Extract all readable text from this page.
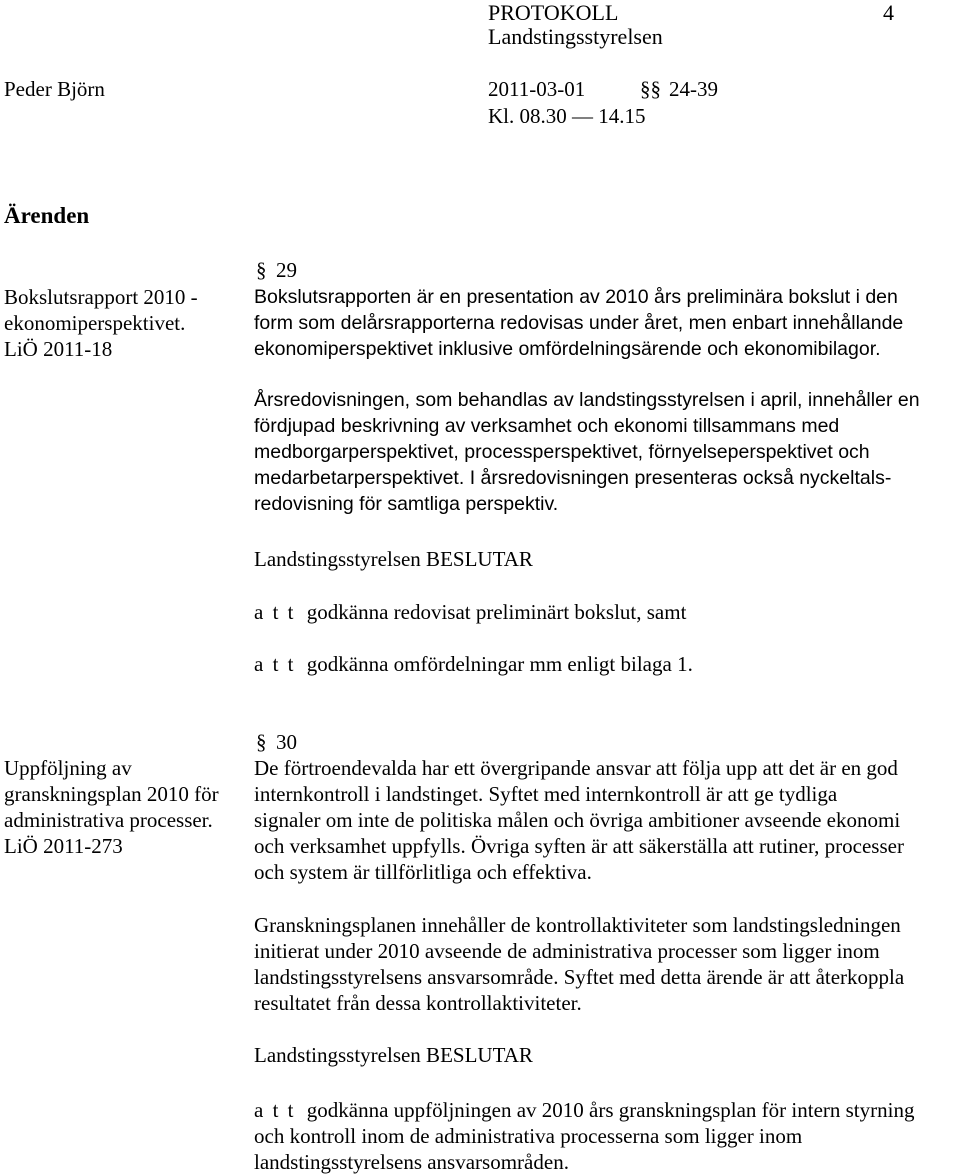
PROTOKOLL	4
Landstingsstyrelsen
Peder Björn	2011-03-01	§§ 24-39
Kl. 08.30 — 14.15
Ärenden
Bokslutsrapport 2010 -
ekonomiperspektivet.
LiÖ 2011-18
§ 29
Bokslutsrapporten är en presentation av 2010 års preliminära bokslut i den
form som delårsrapporterna redovisas under året, men enbart innehållande
ekonomiperspektivet inklusive omfördelningsärende och ekonomibilagor.
Årsredovisningen, som behandlas av landstingsstyrelsen i april, innehåller en
fördjupad beskrivning av verksamhet och ekonomi tillsammans med
medborgarperspektivet, processperspektivet, förnyelseperspektivet och
medarbetarperspektivet. I årsredovisningen presenteras också nyckeltals-
redovisning för samtliga perspektiv.
Landstingsstyrelsen BESLUTAR
a t t godkänna redovisat preliminärt bokslut, samt
a t t godkänna omfördelningar mm enligt bilaga 1.
§ 30
Uppföljning av
granskningsplan 2010 för
administrativa processer.
LiÖ 2011-273
De förtroendevalda har ett övergripande ansvar att följa upp att det är en god
internkontroll i landstinget. Syftet med internkontroll är att ge tydliga
signaler om inte de politiska målen och övriga ambitioner avseende ekonomi
och verksamhet uppfylls. Övriga syften är att säkerställa att rutiner, processer
och system är tillförlitliga och effektiva.
Granskningsplanen innehåller de kontrollaktiviteter som landstingsledningen
initierat under 2010 avseende de administrativa processer som ligger inom
landstingsstyrelsens ansvarsområde. Syftet med detta ärende är att återkoppla
resultatet från dessa kontrollaktiviteter.
Landstingsstyrelsen BESLUTAR
a t t godkänna uppföljningen av 2010 års granskningsplan för intern styrning
och kontroll inom de administrativa processerna som ligger inom
landstingsstyrelsens ansvarsområden.
